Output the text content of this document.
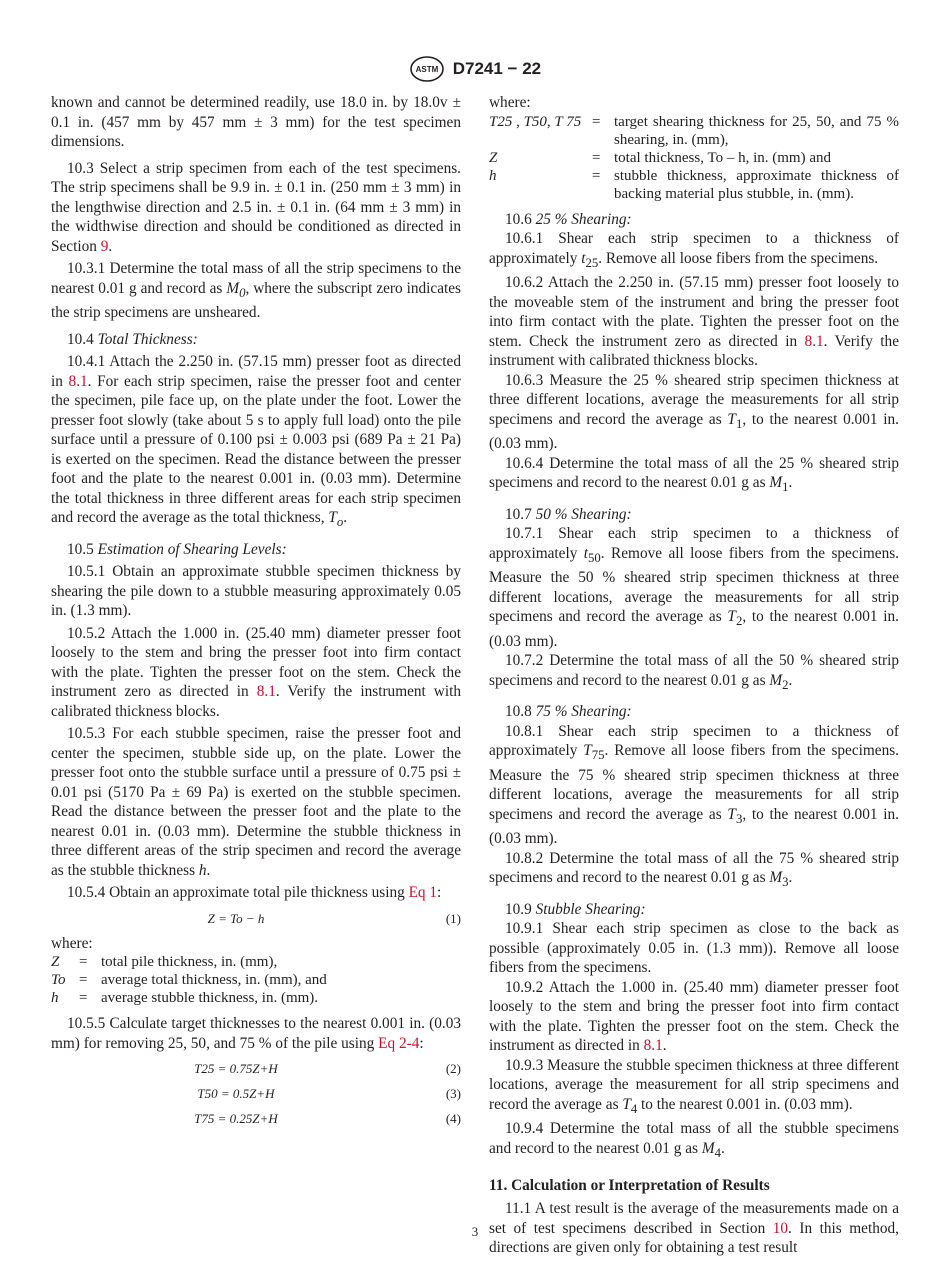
ASTM D7241 − 22

known and cannot be determined readily, use 18.0 in. by 18.0v ± 0.1 in. (457 mm by 457 mm ± 3 mm) for the test specimen dimensions.

10.3 Select a strip specimen from each of the test specimens. The strip specimens shall be 9.9 in. ± 0.1 in. (250 mm ± 3 mm) in the lengthwise direction and 2.5 in. ± 0.1 in. (64 mm ± 3 mm) in the widthwise direction and should be conditioned as directed in Section 9.

10.3.1 Determine the total mass of all the strip specimens to the nearest 0.01 g and record as $M_0$, where the subscript zero indicates the strip specimens are unsheared.

10.4 Total Thickness:

10.4.1 Attach the 2.250 in. (57.15 mm) presser foot as directed in 8.1. For each strip specimen, raise the presser foot and center the specimen, pile face up, on the plate under the foot. Lower the presser foot slowly (take about 5 s to apply full load) onto the pile surface until a pressure of 0.100 psi ± 0.003 psi (689 Pa ± 21 Pa) is exerted on the specimen. Read the distance between the presser foot and the plate to the nearest 0.001 in. (0.03 mm). Determine the total thickness in three different areas for each strip specimen and record the average as the total thickness, $T_o$.

10.5 Estimation of Shearing Levels:

10.5.1 Obtain an approximate stubble specimen thickness by shearing the pile down to a stubble measuring approximately 0.05 in. (1.3 mm).

10.5.2 Attach the 1.000 in. (25.40 mm) diameter presser foot loosely to the stem and bring the presser foot into firm contact with the plate. Tighten the presser foot on the stem. Check the instrument zero as directed in 8.1. Verify the instrument with calibrated thickness blocks.

10.5.3 For each stubble specimen, raise the presser foot and center the specimen, stubble side up, on the plate. Lower the presser foot onto the stubble surface until a pressure of 0.75 psi ± 0.01 psi (5170 Pa ± 69 Pa) is exerted on the stubble specimen. Read the distance between the presser foot and the plate to the nearest 0.01 in. (0.03 mm). Determine the stubble thickness in three different areas of the strip specimen and record the average as the stubble thickness h.

10.5.4 Obtain an approximate total pile thickness using Eq 1:

Z = To − h	(1)

where:

Z	=	total pile thickness, in. (mm),
To	=	average total thickness, in. (mm), and
h	=	average stubble thickness, in. (mm).

10.5.5 Calculate target thicknesses to the nearest 0.001 in. (0.03 mm) for removing 25, 50, and 75 % of the pile using Eq 2-4:

T25 = 0.75Z+H	(2)
T50 = 0.5Z+H	(3)
T75 = 0.25Z+H	(4)

where:

T25 , T50, T 75	=	target shearing thickness for 25, 50, and 75 % shearing, in. (mm),
Z	=	total thickness, To – h, in. (mm) and
h	=	stubble thickness, approximate thickness of backing material plus stubble, in. (mm).

10.6 25 % Shearing:

10.6.1 Shear each strip specimen to a thickness of approximately $t_{25}$. Remove all loose fibers from the specimens.

10.6.2 Attach the 2.250 in. (57.15 mm) presser foot loosely to the moveable stem of the instrument and bring the presser foot into firm contact with the plate. Tighten the presser foot on the stem. Check the instrument zero as directed in 8.1. Verify the instrument with calibrated thickness blocks.

10.6.3 Measure the 25 % sheared strip specimen thickness at three different locations, average the measurements for all strip specimens and record the average as $T_1$, to the nearest 0.001 in. (0.03 mm).

10.6.4 Determine the total mass of all the 25 % sheared strip specimens and record to the nearest 0.01 g as $M_1$.

10.7 50 % Shearing:

10.7.1 Shear each strip specimen to a thickness of approximately $t_{50}$. Remove all loose fibers from the specimens. Measure the 50 % sheared strip specimen thickness at three different locations, average the measurements for all strip specimens and record the average as $T_2$, to the nearest 0.001 in. (0.03 mm).

10.7.2 Determine the total mass of all the 50 % sheared strip specimens and record to the nearest 0.01 g as $M_2$.

10.8 75 % Shearing:

10.8.1 Shear each strip specimen to a thickness of approximately $T_{75}$. Remove all loose fibers from the specimens. Measure the 75 % sheared strip specimen thickness at three different locations, average the measurements for all strip specimens and record the average as $T_3$, to the nearest 0.001 in. (0.03 mm).

10.8.2 Determine the total mass of all the 75 % sheared strip specimens and record to the nearest 0.01 g as $M_3$.

10.9 Stubble Shearing:

10.9.1 Shear each strip specimen as close to the back as possible (approximately 0.05 in. (1.3 mm)). Remove all loose fibers from the specimens.

10.9.2 Attach the 1.000 in. (25.40 mm) diameter presser foot loosely to the stem and bring the presser foot into firm contact with the plate. Tighten the presser foot on the stem. Check the instrument as directed in 8.1.

10.9.3 Measure the stubble specimen thickness at three different locations, average the measurement for all strip specimens and record the average as $T_4$ to the nearest 0.001 in. (0.03 mm).

10.9.4 Determine the total mass of all the stubble specimens and record to the nearest 0.01 g as $M_4$.

11. Calculation or Interpretation of Results

11.1 A test result is the average of the measurements made on a set of test specimens described in Section 10. In this method, directions are given only for obtaining a test result

3
